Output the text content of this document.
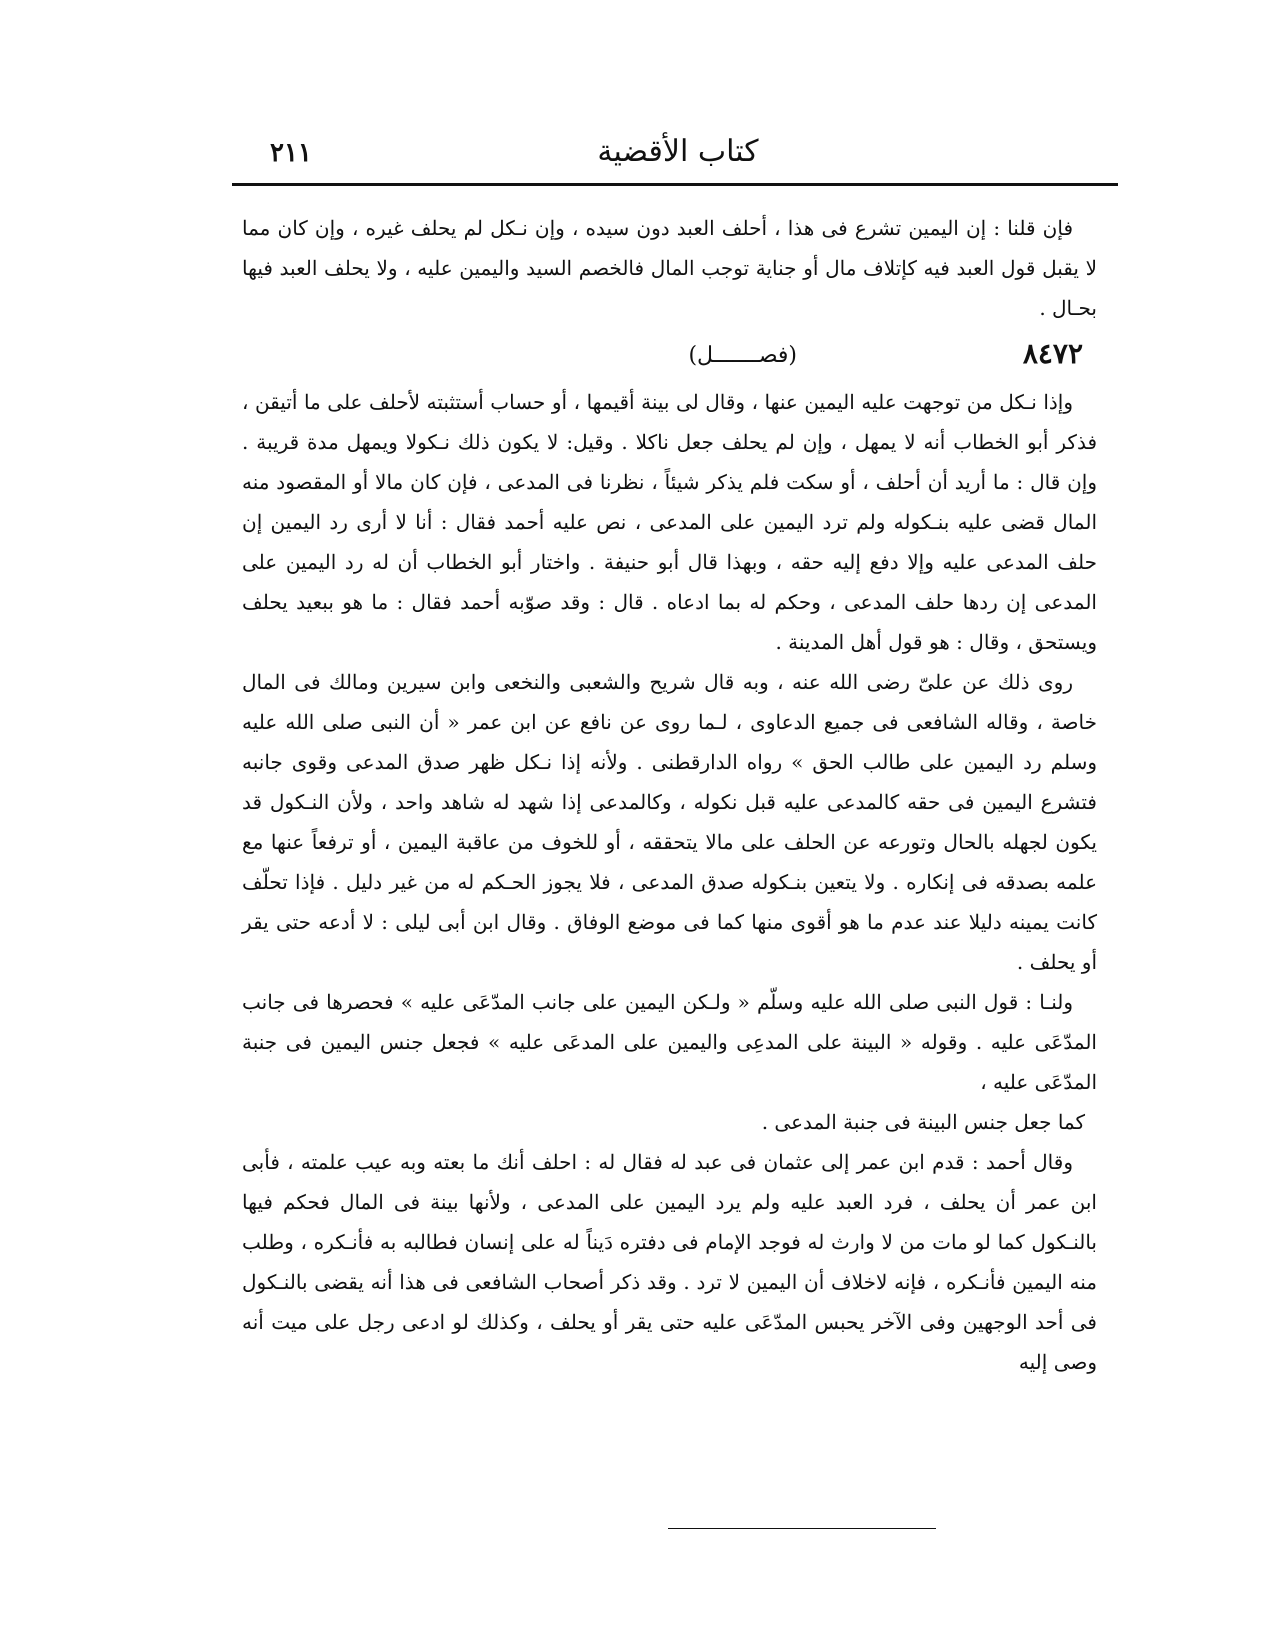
كتاب الأقضية
٢١١

فإن قلنا : إن اليمين تشرع فى هذا ، أحلف العبد دون سيده ، وإن نـكل لم يحلف غيره ، وإن كان مما لا يقبل قول العبد فيه كإتلاف مال أو جناية توجب المال فالخصم السيد واليمين عليه ، ولا يحلف العبد فيها بحـال .

٨٤٧٢
(فصـــــــل)

وإذا نـكل من توجهت عليه اليمين عنها ، وقال لى بينة أقيمها ، أو حساب أستثبته لأحلف على ما أتيقن ، فذكر أبو الخطاب أنه لا يمهل ، وإن لم يحلف جعل ناكلا . وقيل: لا يكون ذلك نـكولا ويمهل مدة قريبة . وإن قال : ما أريد أن أحلف ، أو سكت فلم يذكر شيئاً ، نظرنا فى المدعى ، فإن كان مالا أو المقصود منه المال قضى عليه بنـكوله ولم ترد اليمين على المدعى ، نص عليه أحمد فقال : أنا لا أرى رد اليمين إن حلف المدعى عليه وإلا دفع إليه حقه ، وبهذا قال أبو حنيفة . واختار أبو الخطاب أن له رد اليمين على المدعى إن ردها حلف المدعى ، وحكم له بما ادعاه . قال : وقد صوّبه أحمد فقال : ما هو ببعيد يحلف ويستحق ، وقال : هو قول أهل المدينة .

روى ذلك عن علىّ رضى الله عنه ، وبه قال شريح والشعبى والنخعى وابن سيرين ومالك فى المال خاصة ، وقاله الشافعى فى جميع الدعاوى ، لـما روى عن نافع عن ابن عمر « أن النبى صلى الله عليه وسلم رد اليمين على طالب الحق » رواه الدارقطنى . ولأنه إذا نـكل ظهر صدق المدعى وقوى جانبه فتشرع اليمين فى حقه كالمدعى عليه قبل نكوله ، وكالمدعى إذا شهد له شاهد واحد ، ولأن النـكول قد يكون لجهله بالحال وتورعه عن الحلف على مالا يتحققه ، أو للخوف من عاقبة اليمين ، أو ترفعاً عنها مع علمه بصدقه فى إنكاره . ولا يتعين بنـكوله صدق المدعى ، فلا يجوز الحـكم له من غير دليل . فإذا تحلّف كانت يمينه دليلا عند عدم ما هو أقوى منها كما فى موضع الوفاق . وقال ابن أبى ليلى : لا أدعه حتى يقر أو يحلف .

ولنـا : قول النبى صلى الله عليه وسلّم « ولـكن اليمين على جانب المدّعَى عليه » فحصرها فى جانب المدّعَى عليه . وقوله « البينة على المدعِى واليمين على المدعَى عليه » فجعل جنس اليمين فى جنبة المدّعَى عليه ،

كما جعل جنس البينة فى جنبة المدعى .

وقال أحمد : قدم ابن عمر إلى عثمان فى عبد له فقال له : احلف أنك ما بعته وبه عيب علمته ، فأبى ابن عمر أن يحلف ، فرد العبد عليه ولم يرد اليمين على المدعى ، ولأنها بينة فى المال فحكم فيها بالنـكول كما لو مات من لا وارث له فوجد الإمام فى دفتره دَيناً له على إنسان فطالبه به فأنـكره ، وطلب منه اليمين فأنـكره ، فإنه لاخلاف أن اليمين لا ترد . وقد ذكر أصحاب الشافعى فى هذا أنه يقضى بالنـكول فى أحد الوجهين وفى الآخر يحبس المدّعَى عليه حتى يقر أو يحلف ، وكذلك لو ادعى رجل على ميت أنه وصى إليه
